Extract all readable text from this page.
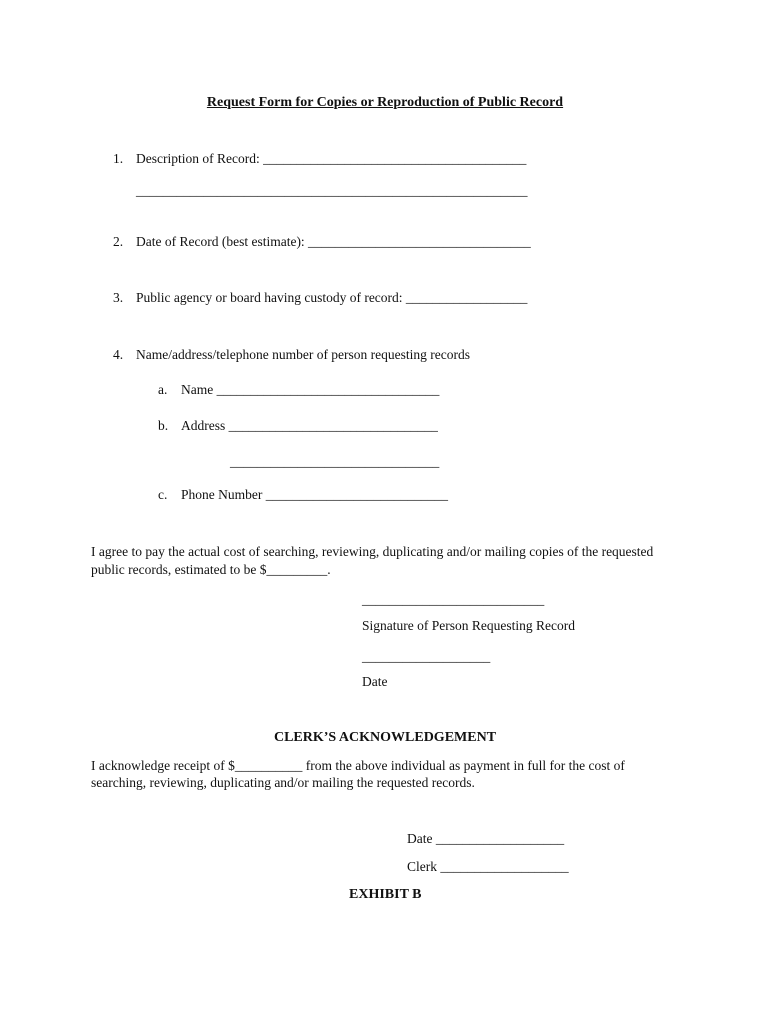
Request Form for Copies or Reproduction of Public Record
1. Description of Record: _______________________________________
__________________________________________________________
2. Date of Record (best estimate): _________________________________
3. Public agency or board having custody of record: __________________
4. Name/address/telephone number of person requesting records
a. Name _________________________________
b. Address _______________________________
_______________________________
c. Phone Number ___________________________
I agree to pay the actual cost of searching, reviewing, duplicating and/or mailing copies of the requested
public records, estimated to be $_________.
___________________________
Signature of Person Requesting Record
___________________
Date
CLERK’S ACKNOWLEDGEMENT
I acknowledge receipt of $__________ from the above individual as payment in full for the cost of
searching, reviewing, duplicating and/or mailing the requested records.
Date ___________________
Clerk ___________________
EXHIBIT B
